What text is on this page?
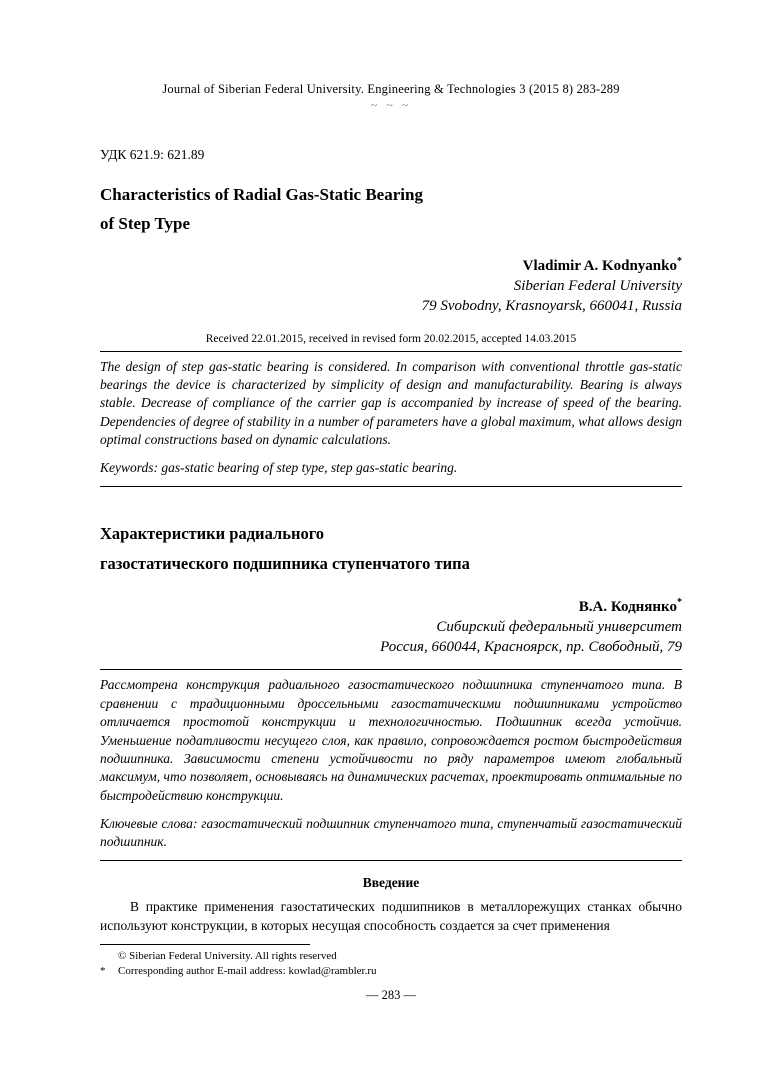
Journal of Siberian Federal University. Engineering & Technologies 3 (2015 8) 283-289
~ ~ ~
УДК 621.9: 621.89
Characteristics of Radial Gas-Static Bearing
of Step Type
Vladimir A. Kodnyanko*
Siberian Federal University
79 Svobodny, Krasnoyarsk, 660041, Russia
Received 22.01.2015, received in revised form 20.02.2015, accepted 14.03.2015
The design of step gas-static bearing is considered. In comparison with conventional throttle gas-static bearings the device is characterized by simplicity of design and manufacturability. Bearing is always stable. Decrease of compliance of the carrier gap is accompanied by increase of speed of the bearing. Dependencies of degree of stability in a number of parameters have a global maximum, what allows design optimal constructions based on dynamic calculations.
Keywords: gas-static bearing of step type, step gas-static bearing.
Характеристики радиального
газостатического подшипника ступенчатого типа
В.А. Коднянко*
Сибирский федеральный университет
Россия, 660044, Красноярск, пр. Свободный, 79
Рассмотрена конструкция радиального газостатического подшипника ступенчатого типа. В сравнении с традиционными дроссельными газостатическими подшипниками устройство отличается простотой конструкции и технологичностью. Подшипник всегда устойчив. Уменьшение податливости несущего слоя, как правило, сопровождается ростом быстродействия подшипника. Зависимости степени устойчивости по ряду параметров имеют глобальный максимум, что позволяет, основываясь на динамических расчетах, проектировать оптимальные по быстродействию конструкции.
Ключевые слова: газостатический подшипник ступенчатого типа, ступенчатый газостатический подшипник.
Введение

В практике применения газостатических подшипников в металлорежущих станках обычно используют конструкции, в которых несущая способность создается за счет применения

© Siberian Federal University. All rights reserved
*	Corresponding author E-mail address: kowlad@rambler.ru
— 283 —
